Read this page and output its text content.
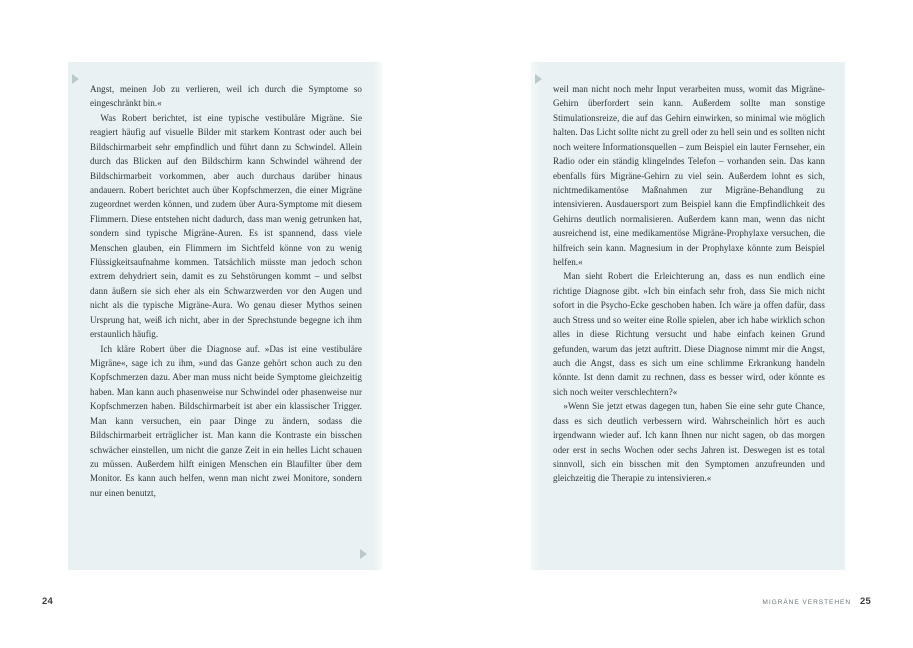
Angst, meinen Job zu verlieren, weil ich durch die Symptome so eingeschränkt bin.«

Was Robert berichtet, ist eine typische vestibuläre Migräne. Sie reagiert häufig auf visuelle Bilder mit starkem Kontrast oder auch bei Bildschirmarbeit sehr empfindlich und führt dann zu Schwindel. Allein durch das Blicken auf den Bildschirm kann Schwindel während der Bildschirmarbeit vorkommen, aber auch durchaus darüber hinaus andauern. Robert berichtet auch über Kopfschmerzen, die einer Migräne zugeordnet werden können, und zudem über Aura-Symptome mit diesem Flimmern. Diese entstehen nicht dadurch, dass man wenig getrunken hat, sondern sind typische Migräne-Auren. Es ist spannend, dass viele Menschen glauben, ein Flimmern im Sichtfeld könne von zu wenig Flüssigkeitsaufnahme kommen. Tatsächlich müsste man jedoch schon extrem dehydriert sein, damit es zu Sehstörungen kommt – und selbst dann äußern sie sich eher als ein Schwarzwerden vor den Augen und nicht als die typische Migräne-Aura. Wo genau dieser Mythos seinen Ursprung hat, weiß ich nicht, aber in der Sprechstunde begegne ich ihm erstaunlich häufig.

Ich kläre Robert über die Diagnose auf. »Das ist eine vestibuläre Migräne«, sage ich zu ihm, »und das Ganze gehört schon auch zu den Kopfschmerzen dazu. Aber man muss nicht beide Symptome gleichzeitig haben. Man kann auch phasenweise nur Schwindel oder phasenweise nur Kopfschmerzen haben. Bildschirmarbeit ist aber ein klassischer Trigger. Man kann versuchen, ein paar Dinge zu ändern, sodass die Bildschirmarbeit erträglicher ist. Man kann die Kontraste ein bisschen schwächer einstellen, um nicht die ganze Zeit in ein helles Licht schauen zu müssen. Außerdem hilft einigen Menschen ein Blaufilter über dem Monitor. Es kann auch helfen, wenn man nicht zwei Monitore, sondern nur einen benutzt,

weil man nicht noch mehr Input verarbeiten muss, womit das Migräne-Gehirn überfordert sein kann. Außerdem sollte man sonstige Stimulationsreize, die auf das Gehirn einwirken, so minimal wie möglich halten. Das Licht sollte nicht zu grell oder zu hell sein und es sollten nicht noch weitere Informationsquellen – zum Beispiel ein lauter Fernseher, ein Radio oder ein ständig klingelndes Telefon – vorhanden sein. Das kann ebenfalls fürs Migräne-Gehirn zu viel sein. Außerdem lohnt es sich, nichtmedikamentöse Maßnahmen zur Migräne-Behandlung zu intensivieren. Ausdauersport zum Beispiel kann die Empfindlichkeit des Gehirns deutlich normalisieren. Außerdem kann man, wenn das nicht ausreichend ist, eine medikamentöse Migräne-Prophylaxe versuchen, die hilfreich sein kann. Magnesium in der Prophylaxe könnte zum Beispiel helfen.«

Man sieht Robert die Erleichterung an, dass es nun endlich eine richtige Diagnose gibt. »Ich bin einfach sehr froh, dass Sie mich nicht sofort in die Psycho-Ecke geschoben haben. Ich wäre ja offen dafür, dass auch Stress und so weiter eine Rolle spielen, aber ich habe wirklich schon alles in diese Richtung versucht und habe einfach keinen Grund gefunden, warum das jetzt auftritt. Diese Diagnose nimmt mir die Angst, auch die Angst, dass es sich um eine schlimme Erkrankung handeln könnte. Ist denn damit zu rechnen, dass es besser wird, oder könnte es sich noch weiter verschlechtern?«

»Wenn Sie jetzt etwas dagegen tun, haben Sie eine sehr gute Chance, dass es sich deutlich verbessern wird. Wahrscheinlich hört es auch irgendwann wieder auf. Ich kann Ihnen nur nicht sagen, ob das morgen oder erst in sechs Wochen oder sechs Jahren ist. Deswegen ist es total sinnvoll, sich ein bisschen mit den Symptomen anzufreunden und gleichzeitig die Therapie zu intensivieren.«

24	MIGRÄNE VERSTEHEN 25
